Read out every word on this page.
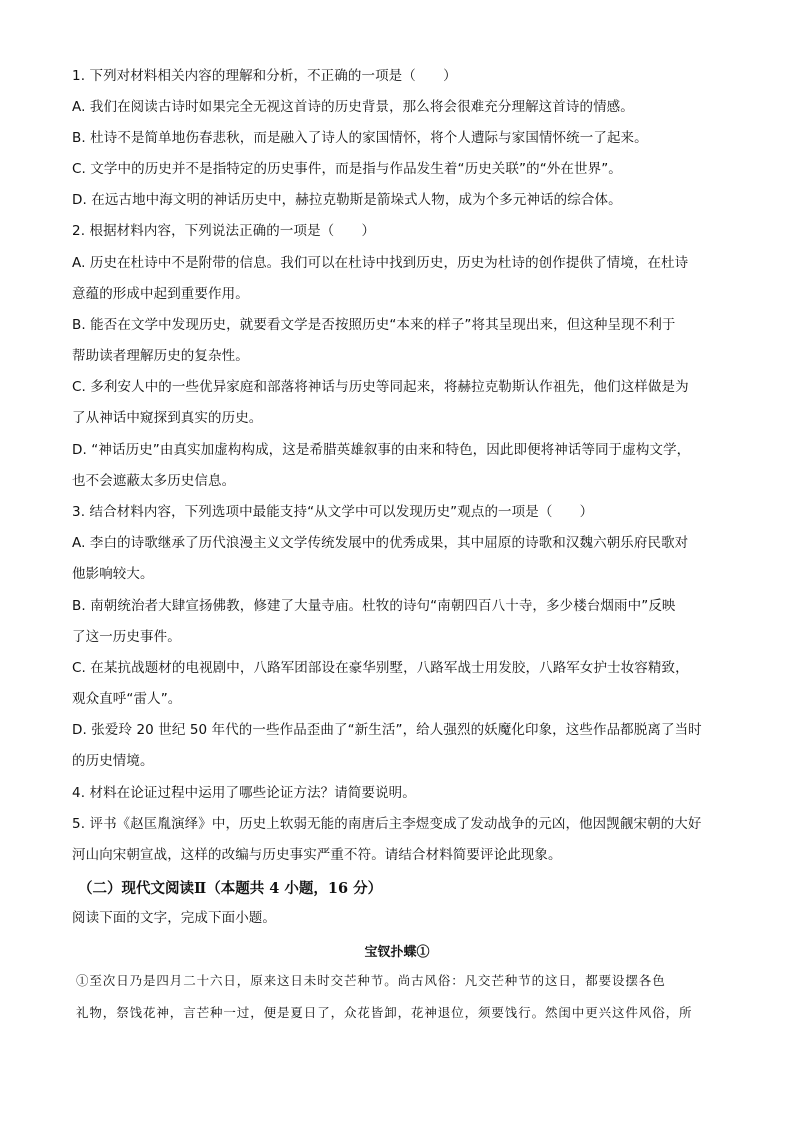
1. 下列对材料相关内容的理解和分析，不正确的一项是（　　）
A. 我们在阅读古诗时如果完全无视这首诗的历史背景，那么将会很难充分理解这首诗的情感。
B. 杜诗不是简单地伤春悲秋，而是融入了诗人的家国情怀，将个人遭际与家国情怀统一了起来。
C. 文学中的历史并不是指特定的历史事件，而是指与作品发生着“历史关联”的“外在世界”。
D. 在远古地中海文明的神话历史中，赫拉克勒斯是箭垛式人物，成为个多元神话的综合体。
2. 根据材料内容，下列说法正确的一项是（　　）
A. 历史在杜诗中不是附带的信息。我们可以在杜诗中找到历史，历史为杜诗的创作提供了情境，在杜诗
意蕴的形成中起到重要作用。
B. 能否在文学中发现历史，就要看文学是否按照历史“本来的样子”将其呈现出来，但这种呈现不利于
帮助读者理解历史的复杂性。
C. 多利安人中的一些优异家庭和部落将神话与历史等同起来，将赫拉克勒斯认作祖先，他们这样做是为
了从神话中窥探到真实的历史。
D. “神话历史”由真实加虚构构成，这是希腊英雄叙事的由来和特色，因此即便将神话等同于虚构文学，
也不会遮蔽太多历史信息。
3. 结合材料内容，下列选项中最能支持“从文学中可以发现历史”观点的一项是（　　）
A. 李白的诗歌继承了历代浪漫主义文学传统发展中的优秀成果，其中屈原的诗歌和汉魏六朝乐府民歌对
他影响较大。
B. 南朝统治者大肆宣扬佛教，修建了大量寺庙。杜牧的诗句“南朝四百八十寺，多少楼台烟雨中”反映
了这一历史事件。
C. 在某抗战题材的电视剧中，八路军团部设在豪华别墅，八路军战士用发胶，八路军女护士妆容精致，
观众直呼“雷人”。
D. 张爱玲 20 世纪 50 年代的一些作品歪曲了“新生活”，给人强烈的妖魔化印象，这些作品都脱离了当时
的历史情境。
4. 材料在论证过程中运用了哪些论证方法？请简要说明。
5. 评书《赵匡胤演绎》中，历史上软弱无能的南唐后主李煜变成了发动战争的元凶，他因觊觎宋朝的大好
河山向宋朝宣战，这样的改编与历史事实严重不符。请结合材料简要评论此现象。
（二）现代文阅读Ⅱ（本题共 4 小题，16 分）
阅读下面的文字，完成下面小题。
宝钗扑蝶①
①至次日乃是四月二十六日，原来这日未时交芒种节。尚古风俗：凡交芒种节的这日，都要设摆各色
礼物，祭饯花神，言芒种一过，便是夏日了，众花皆卸，花神退位，须要饯行。然闺中更兴这件风俗，所
